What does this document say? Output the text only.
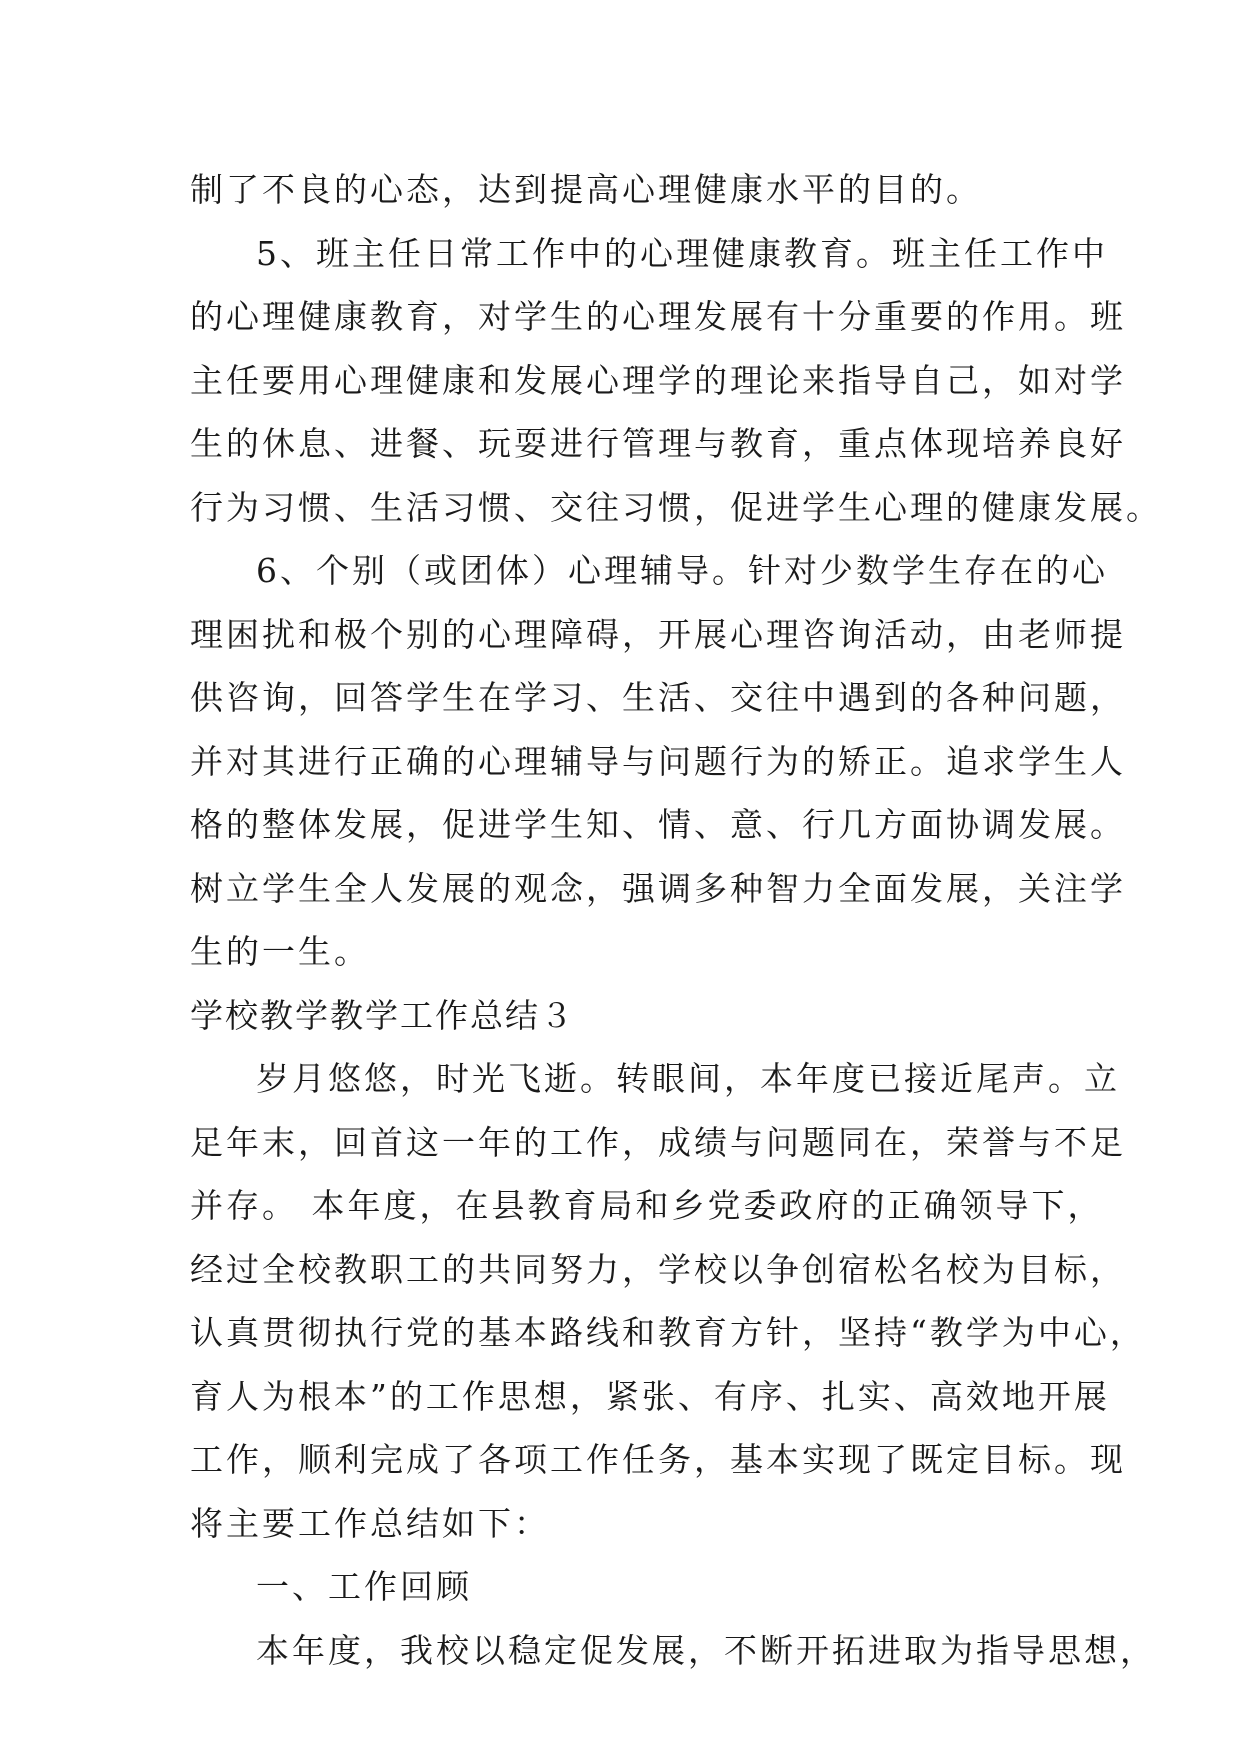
制了不良的心态，达到提高心理健康水平的目的。
5、班主任日常工作中的心理健康教育。班主任工作中
的心理健康教育，对学生的心理发展有十分重要的作用。班
主任要用心理健康和发展心理学的理论来指导自己，如对学
生的休息、进餐、玩耍进行管理与教育，重点体现培养良好
行为习惯、生活习惯、交往习惯，促进学生心理的健康发展。
6、个别（或团体）心理辅导。针对少数学生存在的心
理困扰和极个别的心理障碍，开展心理咨询活动，由老师提
供咨询，回答学生在学习、生活、交往中遇到的各种问题，
并对其进行正确的心理辅导与问题行为的矫正。追求学生人
格的整体发展，促进学生知、情、意、行几方面协调发展。
树立学生全人发展的观念，强调多种智力全面发展，关注学
生的一生。
学校教学教学工作总结３
岁月悠悠，时光飞逝。转眼间，本年度已接近尾声。立
足年末，回首这一年的工作，成绩与问题同在，荣誉与不足
并存。 本年度，在县教育局和乡党委政府的正确领导下，
经过全校教职工的共同努力，学校以争创宿松名校为目标，
认真贯彻执行党的基本路线和教育方针，坚持“教学为中心，
育人为根本”的工作思想，紧张、有序、扎实、高效地开展
工作，顺利完成了各项工作任务，基本实现了既定目标。现
将主要工作总结如下：
一、工作回顾
本年度，我校以稳定促发展，不断开拓进取为指导思想，
